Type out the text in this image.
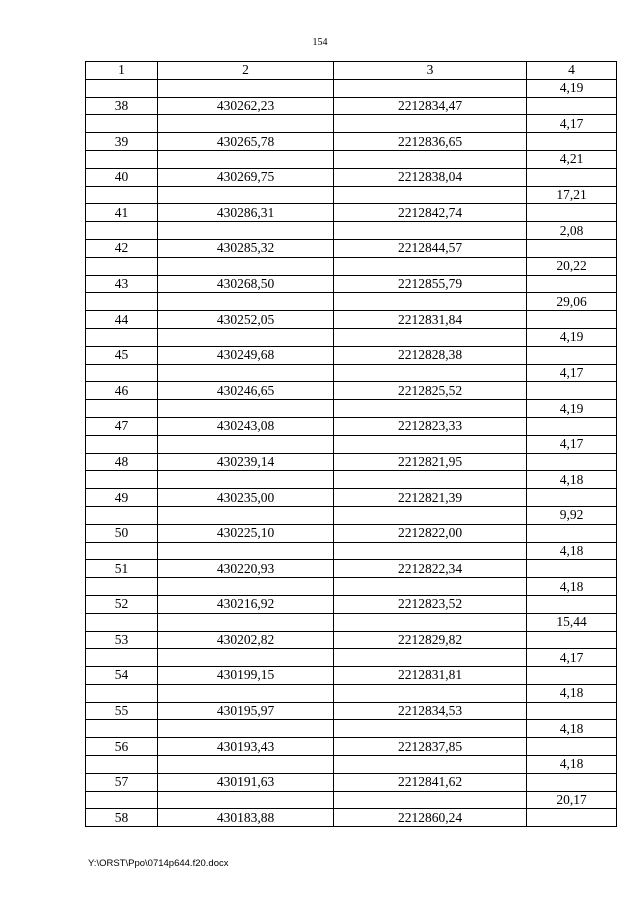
154
1	2	3	4
			4,19
38	430262,23	2212834,47	
			4,17
39	430265,78	2212836,65	
			4,21
40	430269,75	2212838,04	
			17,21
41	430286,31	2212842,74	
			2,08
42	430285,32	2212844,57	
			20,22
43	430268,50	2212855,79	
			29,06
44	430252,05	2212831,84	
			4,19
45	430249,68	2212828,38	
			4,17
46	430246,65	2212825,52	
			4,19
47	430243,08	2212823,33	
			4,17
48	430239,14	2212821,95	
			4,18
49	430235,00	2212821,39	
			9,92
50	430225,10	2212822,00	
			4,18
51	430220,93	2212822,34	
			4,18
52	430216,92	2212823,52	
			15,44
53	430202,82	2212829,82	
			4,17
54	430199,15	2212831,81	
			4,18
55	430195,97	2212834,53	
			4,18
56	430193,43	2212837,85	
			4,18
57	430191,63	2212841,62	
			20,17
58	430183,88	2212860,24	
Y:\ORST\Ppo\0714p644.f20.docx
